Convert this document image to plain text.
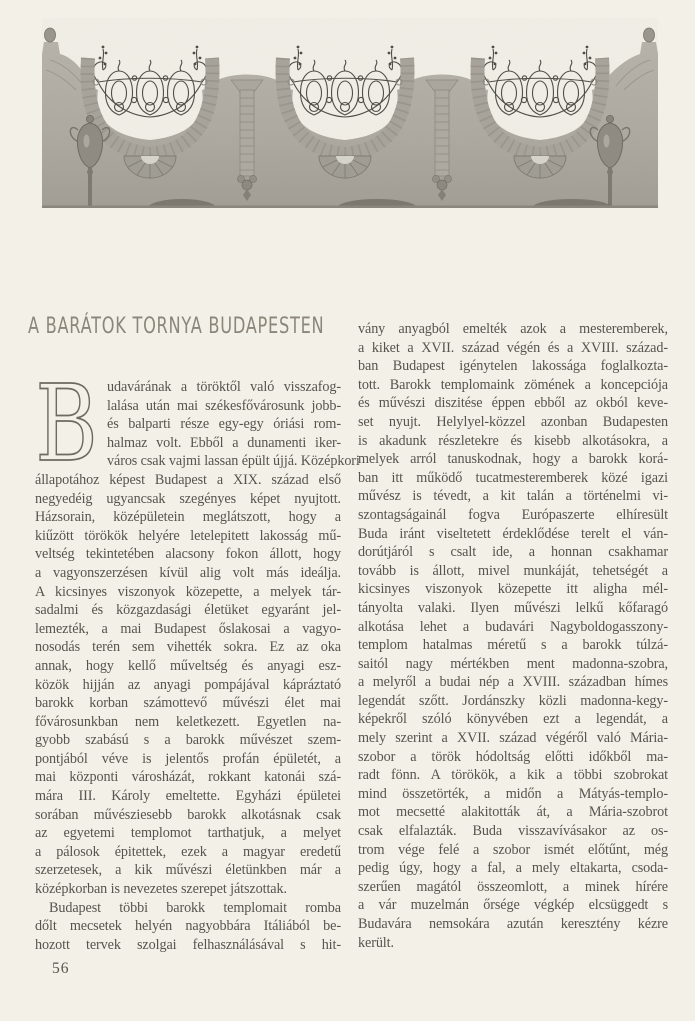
A BARÁTOK TORNYA BUDAPESTEN
B udavárának a töröktől való visszafog-
lalása után mai székesfővárosunk jobb-
és balparti része egy-egy óriási rom-
halmaz volt. Ebből a dunamenti iker-
város csak vajmi lassan épült újjá. Középkori
állapotához képest Budapest a XIX. század első
negyedéig ugyancsak szegényes képet nyujtott.
Házsorain, középületein meglátszott, hogy a
kiűzött törökök helyére letelepitett lakosság mű-
veltség tekintetében alacsony fokon állott, hogy
a vagyonszerzésen kívül alig volt más ideálja.
A kicsinyes viszonyok közepette, a melyek tár-
sadalmi és közgazdasági életüket egyaránt jel-
lemezték, a mai Budapest őslakosai a vagyo-
nosodás terén sem vihették sokra. Ez az oka
annak, hogy kellő műveltség és anyagi esz-
közök hijján az anyagi pompájával kápráztató
barokk korban számottevő művészi élet mai
fővárosunkban nem keletkezett. Egyetlen na-
gyobb szabású s a barokk művészet szem-
pontjából véve is jelentős profán épületét, a
mai központi városházát, rokkant katonái szá-
mára III. Károly emeltette. Egyházi épületei
sorában művésziesebb barokk alkotásnak csak
az egyetemi templomot tarthatjuk, a melyet
a pálosok épitettek, ezek a magyar eredetű
szerzetesek, a kik művészi életünkben már a
középkorban is nevezetes szerepet játszottak.
Budapest többi barokk templomait romba
dőlt mecsetek helyén nagyobbára Itáliából be-
hozott tervek szolgai felhasználásával s hit-
56
vány anyagból emelték azok a mesteremberek,
a kiket a XVII. század végén és a XVIII. század-
ban Budapest igénytelen lakossága foglalkozta-
tott. Barokk templomaink zömének a koncepciója
és művészi diszitése éppen ebből az okból keve-
set nyujt. Helylyel-közzel azonban Budapesten
is akadunk részletekre és kisebb alkotásokra, a
melyek arról tanuskodnak, hogy a barokk korá-
ban itt működő tucatmesteremberek közé igazi
művész is tévedt, a kit talán a történelmi vi-
szontagságainál fogva Európaszerte elhíresült
Buda iránt viseltetett érdeklődése terelt el ván-
dorútjáról s csalt ide, a honnan csakhamar
tovább is állott, mivel munkáját, tehetségét a
kicsinyes viszonyok közepette itt aligha mél-
tányolta valaki. Ilyen művészi lelkű kőfaragó
alkotása lehet a budavári Nagyboldogasszony-
templom hatalmas méretű s a barokk túlzá-
saitól nagy mértékben ment madonna-szobra,
a melyről a budai nép a XVIII. században hímes
legendát szőtt. Jordánszky közli madonna-kegy-
képekről szóló könyvében ezt a legendát, a
mely szerint a XVII. század végéről való Mária-
szobor a török hódoltság előtti időkből ma-
radt fönn. A törökök, a kik a többi szobrokat
mind összetörték, a midőn a Mátyás-templo-
mot mecsetté alakitották át, a Mária-szobrot
csak elfalazták. Buda visszavívásakor az os-
trom vége felé a szobor ismét előtűnt, még
pedig úgy, hogy a fal, a mely eltakarta, csoda-
szerűen magától összeomlott, a minek hírére
a vár muzelmán őrsége végkép elcsüggedt s
Budavára nemsokára azután keresztény kézre
került.
